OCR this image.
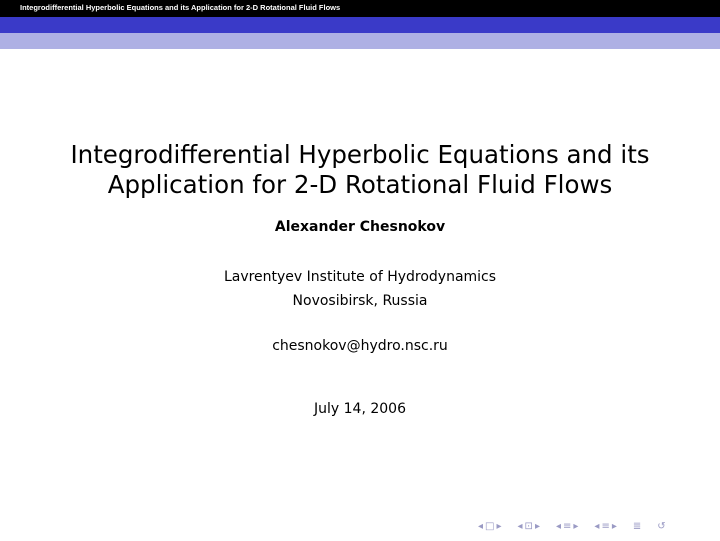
Integrodifferential Hyperbolic Equations and its Application for 2-D Rotational Fluid Flows
Integrodifferential Hyperbolic Equations and its
Application for 2-D Rotational Fluid Flows
Alexander Chesnokov
Lavrentyev Institute of Hydrodynamics
Novosibirsk, Russia
chesnokov@hydro.nsc.ru
July 14, 2006
◂ □ ▸ ◂ ⊡ ▸ ◂ ≡ ▸ ◂ ≡ ▸ ≣ ↺
